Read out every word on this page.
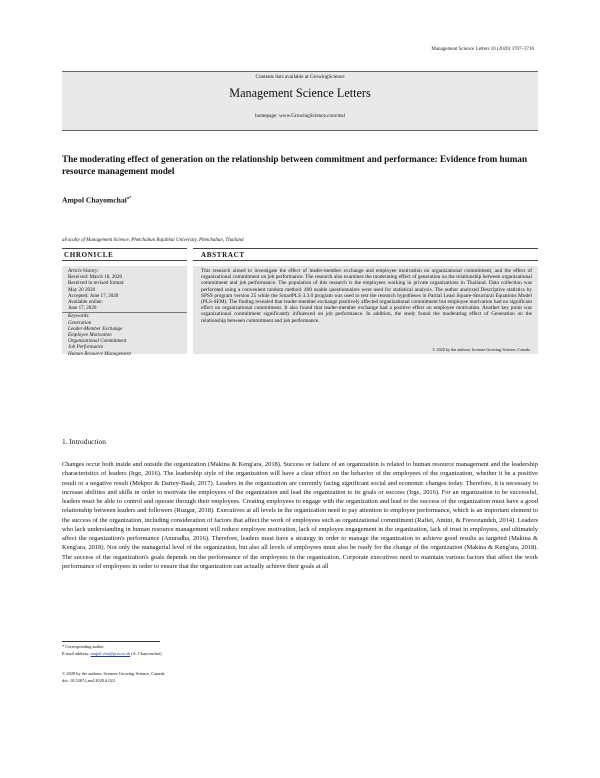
Management Science Letters 10 (2020) 3707–3716
Contents lists available at GrowingScience
Management Science Letters
homepage: www.GrowingScience.com/msl
The moderating effect of generation on the relationship between commitment and performance: Evidence from human resource management model
Ampol Chayomchai$^{a*}$
aFaculty of Management Science, Phetchabun Rajabhat University, Phetchabun, Thailand
CHRONICLE	ABSTRACT
Article history:
Received: March 18, 2020
Received in revised format:
May 20 2020
Accepted: June 17, 2020
Available online:
June 17, 2020
Keywords:
Generation
Leader-Member Exchange
Employee Motivation
Organizational Commitment
Job Performance
Human Resource Management
This research aimed to investigate the effect of leader-member exchange and employee motivation on organizational commitment, and the effect of organizational commitment on job performance. The research also examines the moderating effect of generation on the relationship between organizational commitment and job performance. The population of this research is the employees working in private organizations in Thailand. Data collection was performed using a convenient random method. 400 usable questionnaires were used for statistical analysis. The author analyzed Descriptive statistics by SPSS program version 25 while the SmartPLS 3.3.0 program was used to test the research hypotheses in Partial Least Square-Structural Equations Model (PLS-SEM). The finding revealed that leader-member exchange positively affected organizational commitment but employee motivation had no significant effect on organizational commitment. It also found that leader-member exchange had a positive effect on employee motivation. Another key point was organizational commitment significantly influenced on job performance. In addition, the study found the moderating effect of Generation on the relationship between commitment and job performance.
© 2020 by the authors; licensee Growing Science, Canada
1. Introduction
Changes occur both inside and outside the organization (Makina & Keng'ara, 2018). Success or failure of an organization is related to human resource management and the leadership characteristics of leaders (Irge, 2016). The leadership style of the organization will have a clear effect on the behavior of the employees of the organization, whether it be a positive result or a negative result (Mekpor & Dartey-Baah, 2017). Leaders in the organization are currently facing significant social and economic changes today. Therefore, it is necessary to increase abilities and skills in order to motivate the employees of the organization and lead the organization to its goals or success (Irge, 2016). For an organization to be successful, leaders must be able to control and operate through their employees. Creating employees to engage with the organization and lead to the success of the organization must have a good relationship between leaders and followers (Ruzgar, 2018). Executives at all levels in the organization need to pay attention to employee performance, which is an important element to the success of the organization, including consideration of factors that affect the work of employees such as organizational commitment (Rafiei, Amini, & Foroozandeh, 2014). Leaders who lack understanding in human resource management will reduce employee motivation, lack of employee engagement in the organization, lack of trust in employees, and ultimately affect the organization's performance (Anuradha, 2016). Therefore, leaders must have a strategy in order to manage the organization to achieve good results as targeted (Makina & Keng'ara, 2018). Not only the managerial level of the organization, but also all levels of employees must also be ready for the change of the organization (Makina & Keng'ara, 2018). The success of the organization's goals depends on the performance of the employees in the organization. Corporate executives need to maintain various factors that affect the work performance of employees in order to ensure that the organization can actually achieve their goals at all
* Corresponding author.
E-mail address: ampol.cha@pcru.ac.th (A. Chayomchai)
© 2020 by the authors; licensee Growing Science, Canada
doi: 10.5267/j.msl.2020.6.022
